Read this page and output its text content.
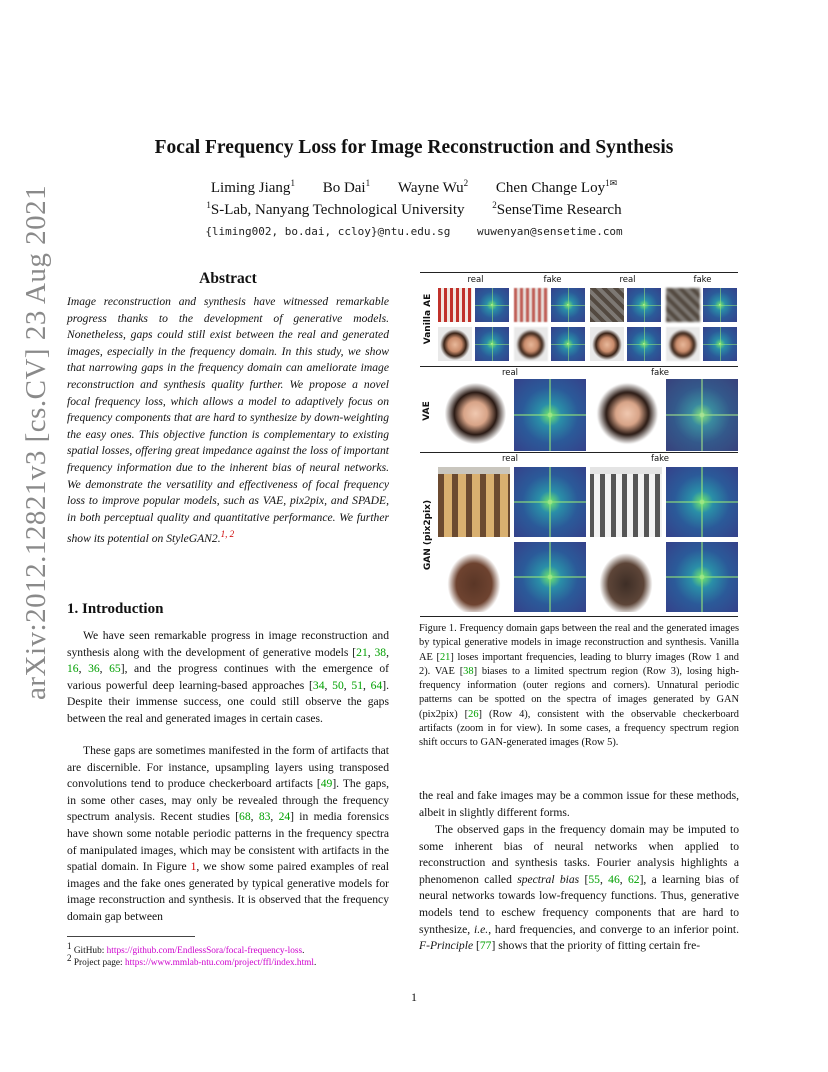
Focal Frequency Loss for Image Reconstruction and Synthesis
Liming Jiang$^1$ Bo Dai$^1$ Wayne Wu$^2$ Chen Change Loy$^{1✉}$
$^1$S-Lab, Nanyang Technological University	$^2$SenseTime Research
{liming002, bo.dai, ccloy}@ntu.edu.sg wuwenyan@sensetime.com
arXiv:2012.12821v3 [cs.CV] 23 Aug 2021	Abstract
Image reconstruction and synthesis have witnessed remarkable progress thanks to the development of generative models. Nonetheless, gaps could still exist between the real and generated images, especially in the frequency domain. In this study, we show that narrowing gaps in the frequency domain can ameliorate image reconstruction and synthesis quality further. We propose a novel focal frequency loss, which allows a model to adaptively focus on frequency components that are hard to synthesize by down-weighting the easy ones. This objective function is complementary to existing spatial losses, offering great impedance against the loss of important frequency information due to the inherent bias of neural networks. We demonstrate the versatility and effectiveness of focal frequency loss to improve popular models, such as VAE, pix2pix, and SPADE, in both perceptual quality and quantitative performance. We further show its potential on StyleGAN2.$^{1, 2}$
1. Introduction
We have seen remarkable progress in image reconstruction and synthesis along with the development of generative models [21, 38, 16, 36, 65], and the progress continues with the emergence of various powerful deep learning-based approaches [34, 50, 51, 64]. Despite their immense success, one could still observe the gaps between the real and generated images in certain cases.
These gaps are sometimes manifested in the form of artifacts that are discernible. For instance, upsampling layers using transposed convolutions tend to produce checkerboard artifacts [49]. The gaps, in some other cases, may only be revealed through the frequency spectrum analysis. Recent studies [68, 83, 24] in media forensics have shown some notable periodic patterns in the frequency spectra of manipulated images, which may be consistent with artifacts in the spatial domain. In Figure 1, we show some paired examples of real images and the fake ones generated by typical generative models for image reconstruction and synthesis. It is observed that the frequency domain gap between
$^1$ GitHub: https://github.com/EndlessSora/focal-frequency-loss.
$^2$ Project page: https://www.mmlab-ntu.com/project/ffl/index.html.
1
Vanilla AE
real	fake	real	fake
VAE
real	fake
GAN (pix2pix)
real	fake
Figure 1. Frequency domain gaps between the real and the generated images by typical generative models in image reconstruction and synthesis. Vanilla AE [21] loses important frequencies, leading to blurry images (Row 1 and 2). VAE [38] biases to a limited spectrum region (Row 3), losing high-frequency information (outer regions and corners). Unnatural periodic patterns can be spotted on the spectra of images generated by GAN (pix2pix) [26] (Row 4), consistent with the observable checkerboard artifacts (zoom in for view). In some cases, a frequency spectrum region shift occurs to GAN-generated images (Row 5).
the real and fake images may be a common issue for these methods, albeit in slightly different forms.
The observed gaps in the frequency domain may be imputed to some inherent bias of neural networks when applied to reconstruction and synthesis tasks. Fourier analysis highlights a phenomenon called spectral bias [55, 46, 62], a learning bias of neural networks towards low-frequency functions. Thus, generative models tend to eschew frequency components that are hard to synthesize, i.e., hard frequencies, and converge to an inferior point. F-Principle [77] shows that the priority of fitting certain fre-
